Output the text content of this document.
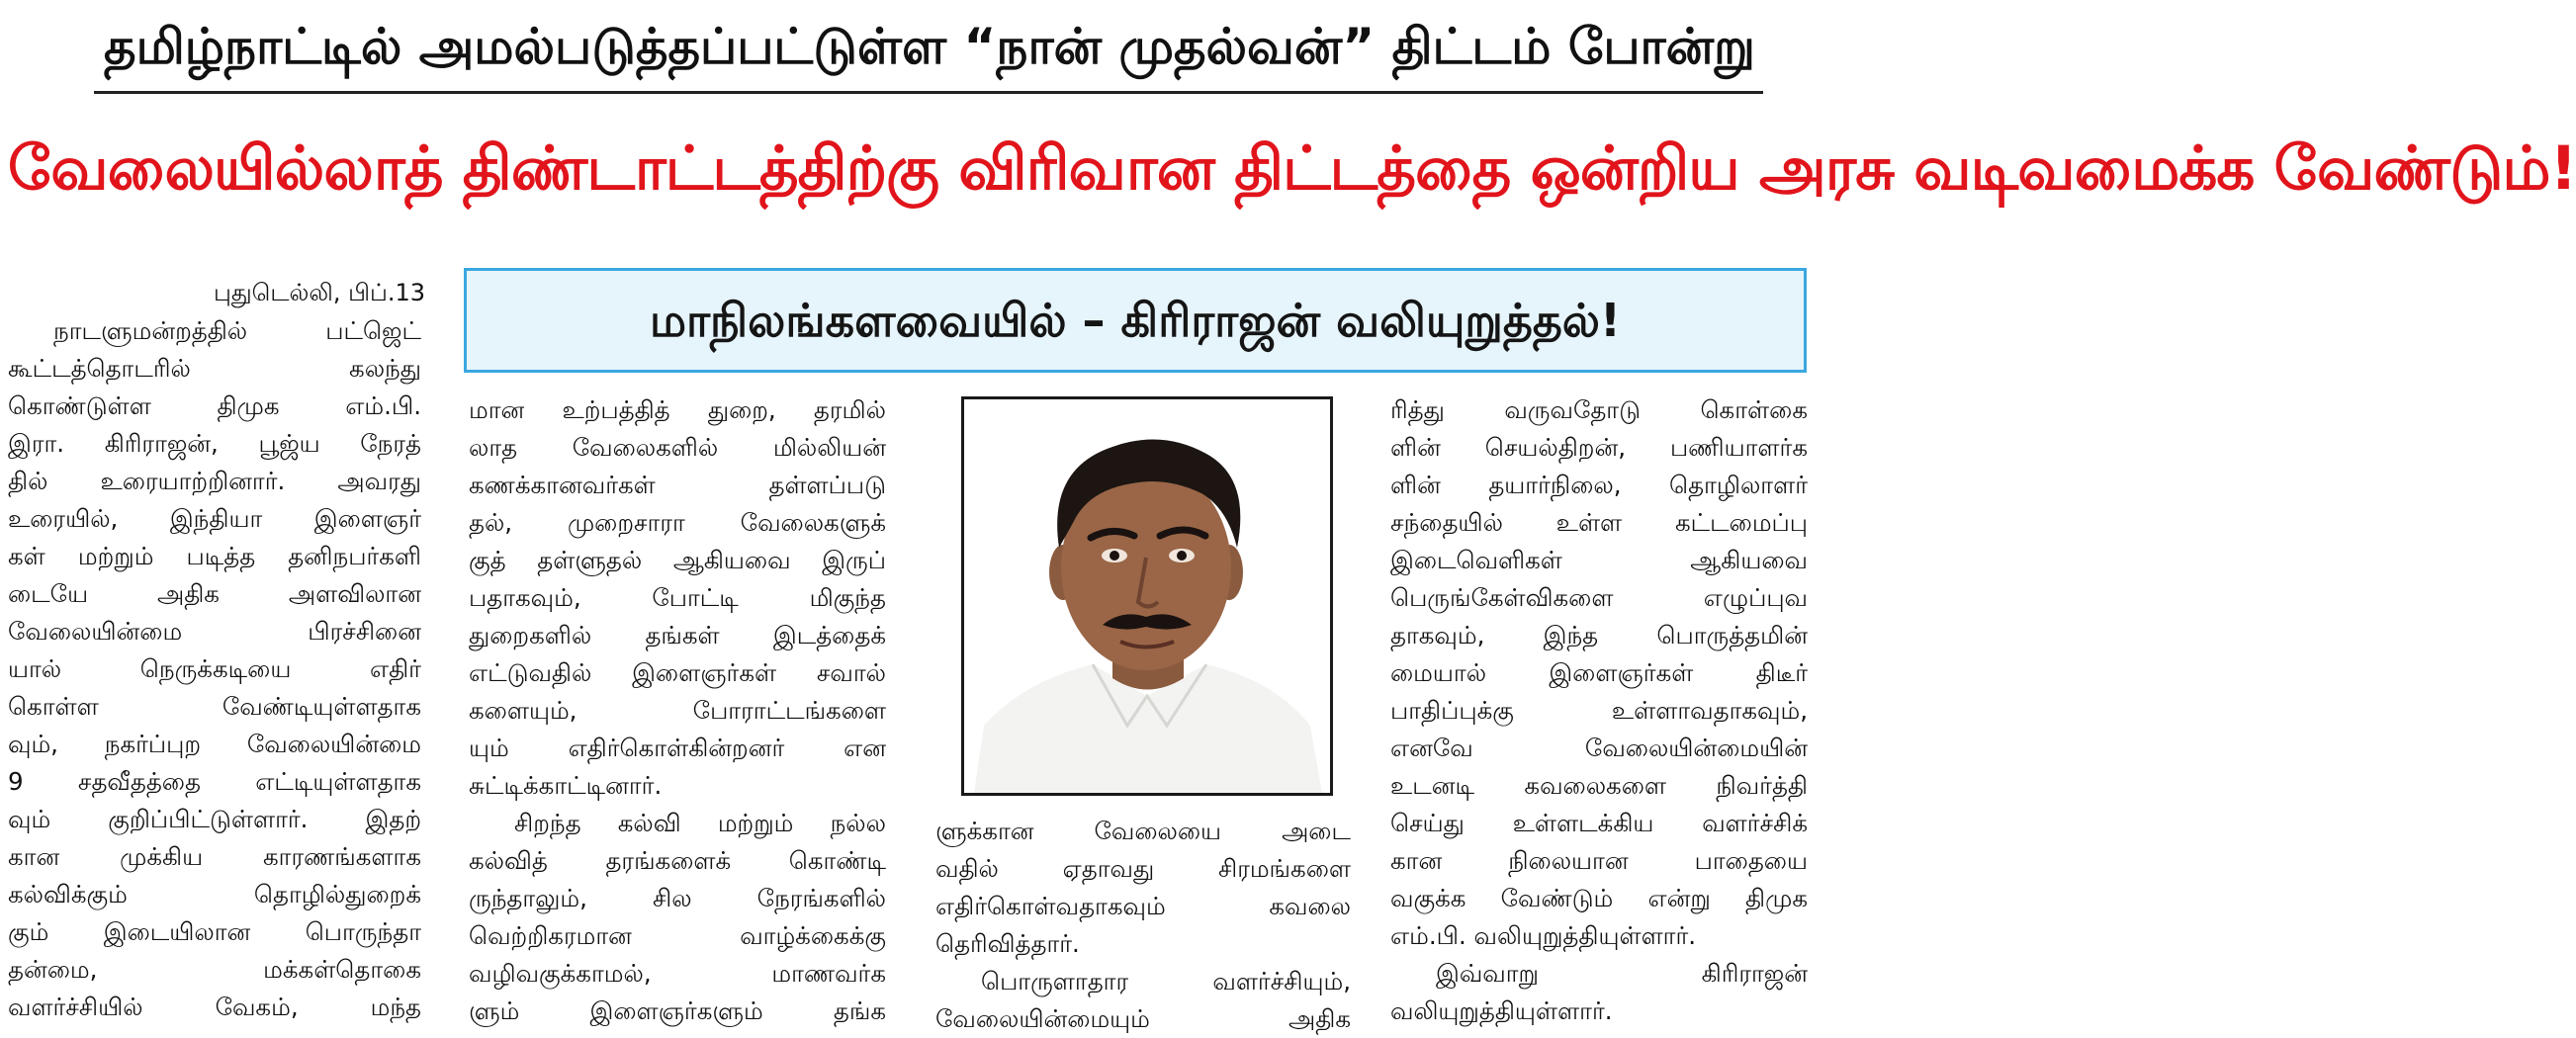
தமிழ்நாட்டில் அமல்படுத்தப்பட்டுள்ள “நான் முதல்வன்” திட்டம் போன்று
வேலையில்லாத் திண்டாட்டத்திற்கு விரிவான திட்டத்தை ஒன்றிய அரசு வடிவமைக்க வேண்டும்!
மாநிலங்களவையில் – கிரிராஜன் வலியுறுத்தல்!
புதுடெல்லி, பிப்.13
நாடளுமன்றத்தில் பட்ஜெட்
கூட்டத்தொடரில் கலந்து
கொண்டுள்ள திமுக எம்.பி.
இரா. கிரிராஜன், பூஜ்ய நேரத்
தில் உரையாற்றினார். அவரது
உரையில், இந்தியா இளைஞர்
கள் மற்றும் படித்த தனிநபர்களி
டையே அதிக அளவிலான
வேலையின்மை பிரச்சினை
யால் நெருக்கடியை எதிர்
கொள்ள வேண்டியுள்ளதாக
வும், நகர்ப்புற வேலையின்மை
9 சதவீதத்தை எட்டியுள்ளதாக
வும் குறிப்பிட்டுள்ளார். இதற்
கான முக்கிய காரணங்களாக
கல்விக்கும் தொழில்துறைக்
கும் இடையிலான பொருந்தா
தன்மை, மக்கள்தொகை
வளர்ச்சியில் வேகம், மந்த
மான உற்பத்தித் துறை, தரமில்
லாத வேலைகளில் மில்லியன்
கணக்கானவர்கள் தள்ளப்படு
தல், முறைசாரா வேலைகளுக்
குத் தள்ளுதல் ஆகியவை இருப்
பதாகவும், போட்டி மிகுந்த
துறைகளில் தங்கள் இடத்தைக்
எட்டுவதில் இளைஞர்கள் சவால்
களையும், போராட்டங்களை
யும் எதிர்கொள்கின்றனர் என
சுட்டிக்காட்டினார்.
சிறந்த கல்வி மற்றும் நல்ல
கல்வித் தரங்களைக் கொண்டி
ருந்தாலும், சில நேரங்களில்
வெற்றிகரமான வாழ்க்கைக்கு
வழிவகுக்காமல், மாணவர்க
ளும் இளைஞர்களும் தங்க
ளுக்கான வேலையை அடை
வதில் ஏதாவது சிரமங்களை
எதிர்கொள்வதாகவும் கவலை
தெரிவித்தார்.
பொருளாதார வளர்ச்சியும்,
வேலையின்மையும் அதிக
ரித்து வருவதோடு கொள்கை
ளின் செயல்திறன், பணியாளர்க
ளின் தயார்நிலை, தொழிலாளர்
சந்தையில் உள்ள கட்டமைப்பு
இடைவெளிகள் ஆகியவை
பெருங்கேள்விகளை எழுப்புவ
தாகவும், இந்த பொருத்தமின்
மையால் இளைஞர்கள் திடீர்
பாதிப்புக்கு உள்ளாவதாகவும்,
எனவே வேலையின்மையின்
உடனடி கவலைகளை நிவர்த்தி
செய்து உள்ளடக்கிய வளர்ச்சிக்
கான நிலையான பாதையை
வகுக்க வேண்டும் என்று திமுக
எம்.பி. வலியுறுத்தியுள்ளார்.
இவ்வாறு கிரிராஜன்
வலியுறுத்தியுள்ளார்.
